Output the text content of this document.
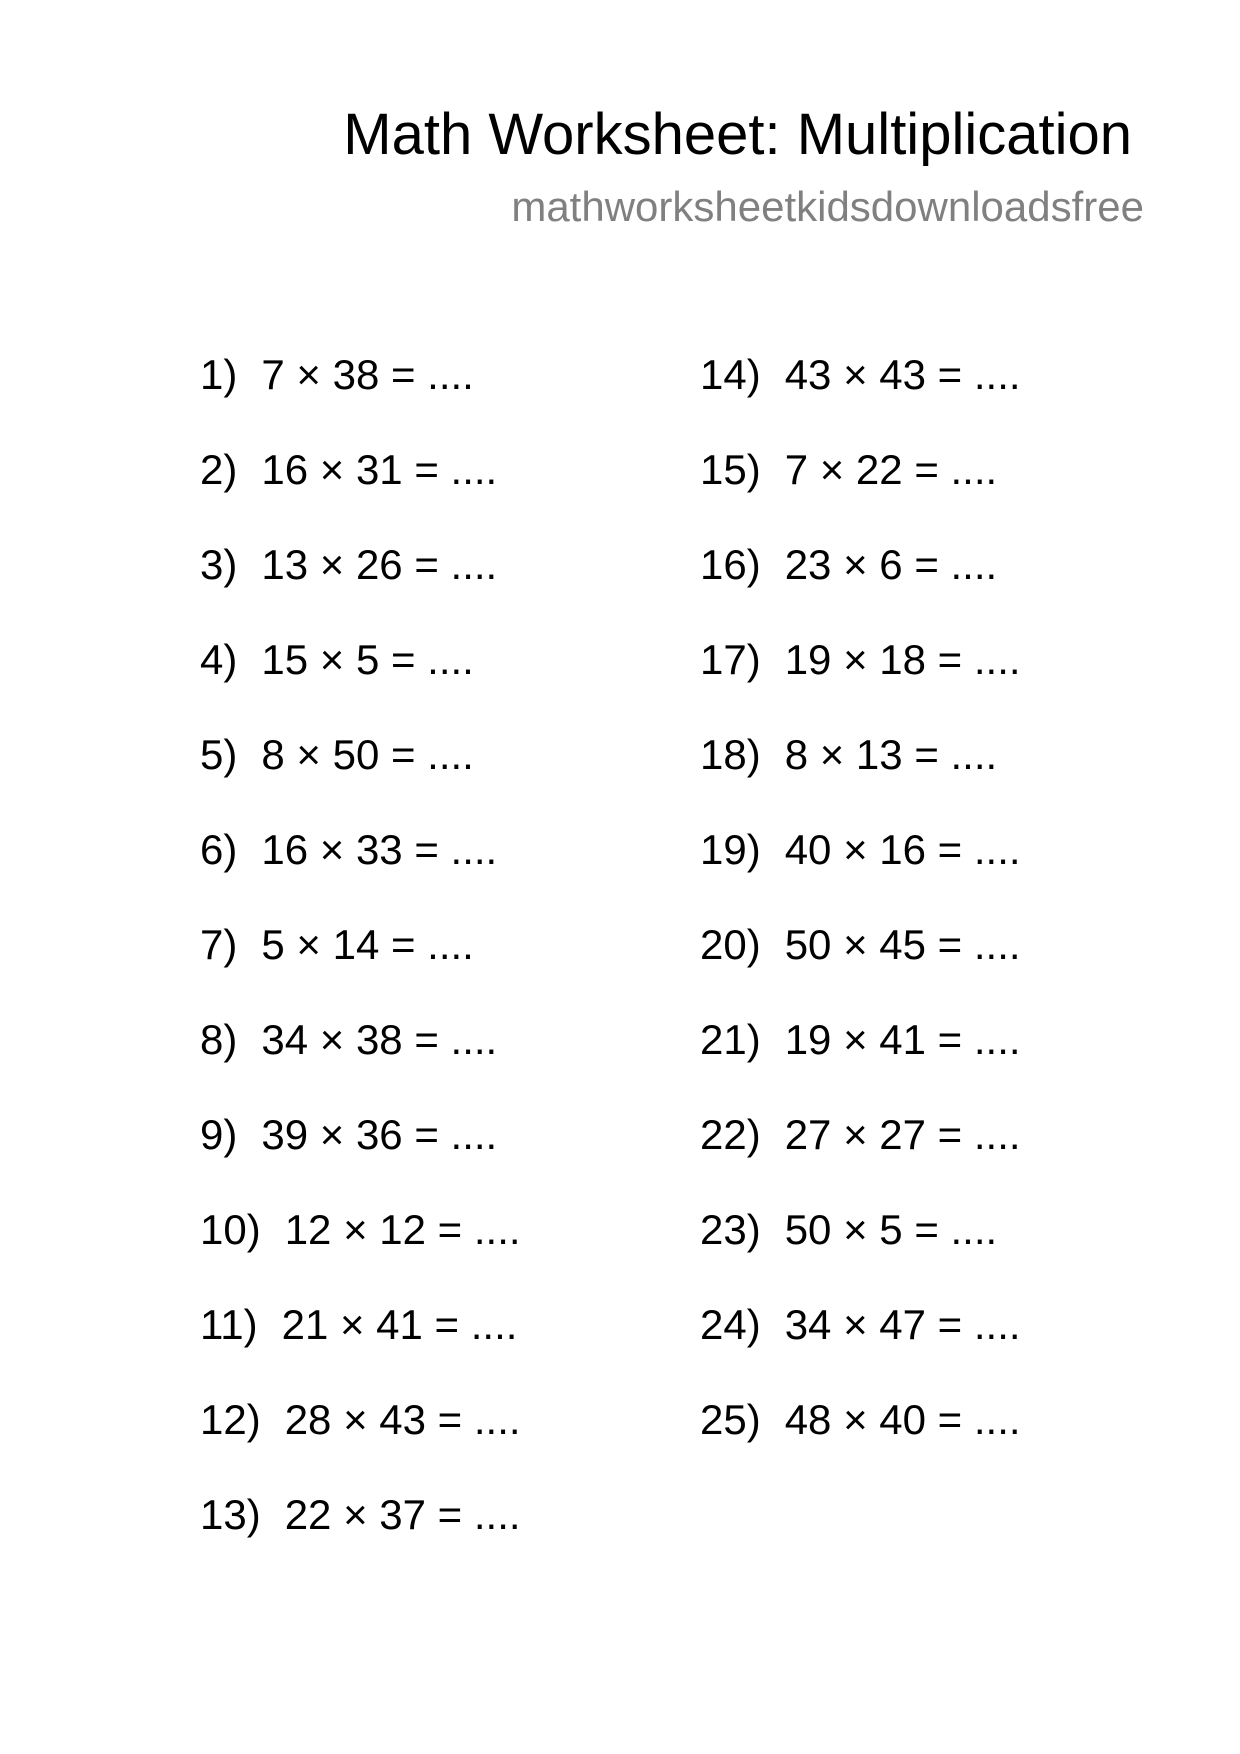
Math Worksheet: Multiplication
mathworksheetkidsdownloadsfree
1) 7 × 38 = ....
2) 16 × 31 = ....
3) 13 × 26 = ....
4) 15 × 5 = ....
5) 8 × 50 = ....
6) 16 × 33 = ....
7) 5 × 14 = ....
8) 34 × 38 = ....
9) 39 × 36 = ....
10) 12 × 12 = ....
11) 21 × 41 = ....
12) 28 × 43 = ....
13) 22 × 37 = ....
14) 43 × 43 = ....
15) 7 × 22 = ....
16) 23 × 6 = ....
17) 19 × 18 = ....
18) 8 × 13 = ....
19) 40 × 16 = ....
20) 50 × 45 = ....
21) 19 × 41 = ....
22) 27 × 27 = ....
23) 50 × 5 = ....
24) 34 × 47 = ....
25) 48 × 40 = ....
